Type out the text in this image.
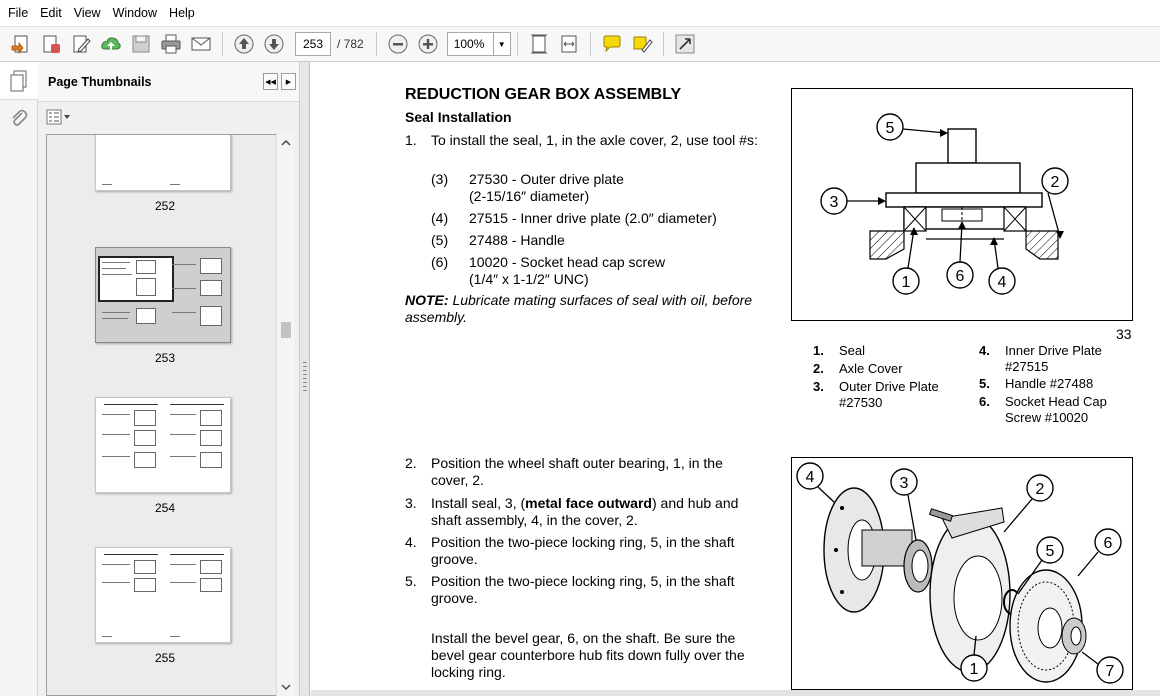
File Edit View Window Help
253	/ 782	100%	▼
Page Thumbnails	◀◀	▶
252
253
254
255
REDUCTION GEAR BOX ASSEMBLY
Seal Installation
1. To install the seal, 1, in the axle cover, 2, use tool #s:
(3) 27530 - Outer drive plate
(2-15/16″ diameter)
(4) 27515 - Inner drive plate (2.0″ diameter)
(5) 27488 - Handle
(6) 10020 - Socket head cap screw
(1/4″ x 1-1/2″ UNC)
NOTE: Lubricate mating surfaces of seal with oil, before assembly.
5
2
3
1	6 4
33
1. Seal
2. Axle Cover
3. Outer Drive Plate #27530
4. Inner Drive Plate #27515
5. Handle #27488
6. Socket Head Cap Screw #10020
2. Position the wheel shaft outer bearing, 1, in the cover, 2.
3. Install seal, 3, (metal face outward) and hub and shaft assembly, 4, in the cover, 2.
4. Position the two-piece locking ring, 5, in the shaft groove.
5. Position the two-piece locking ring, 5, in the shaft groove.
Install the bevel gear, 6, on the shaft. Be sure the bevel gear counterbore hub fits down fully over the locking ring.
4	3	2
5	6
1	7
